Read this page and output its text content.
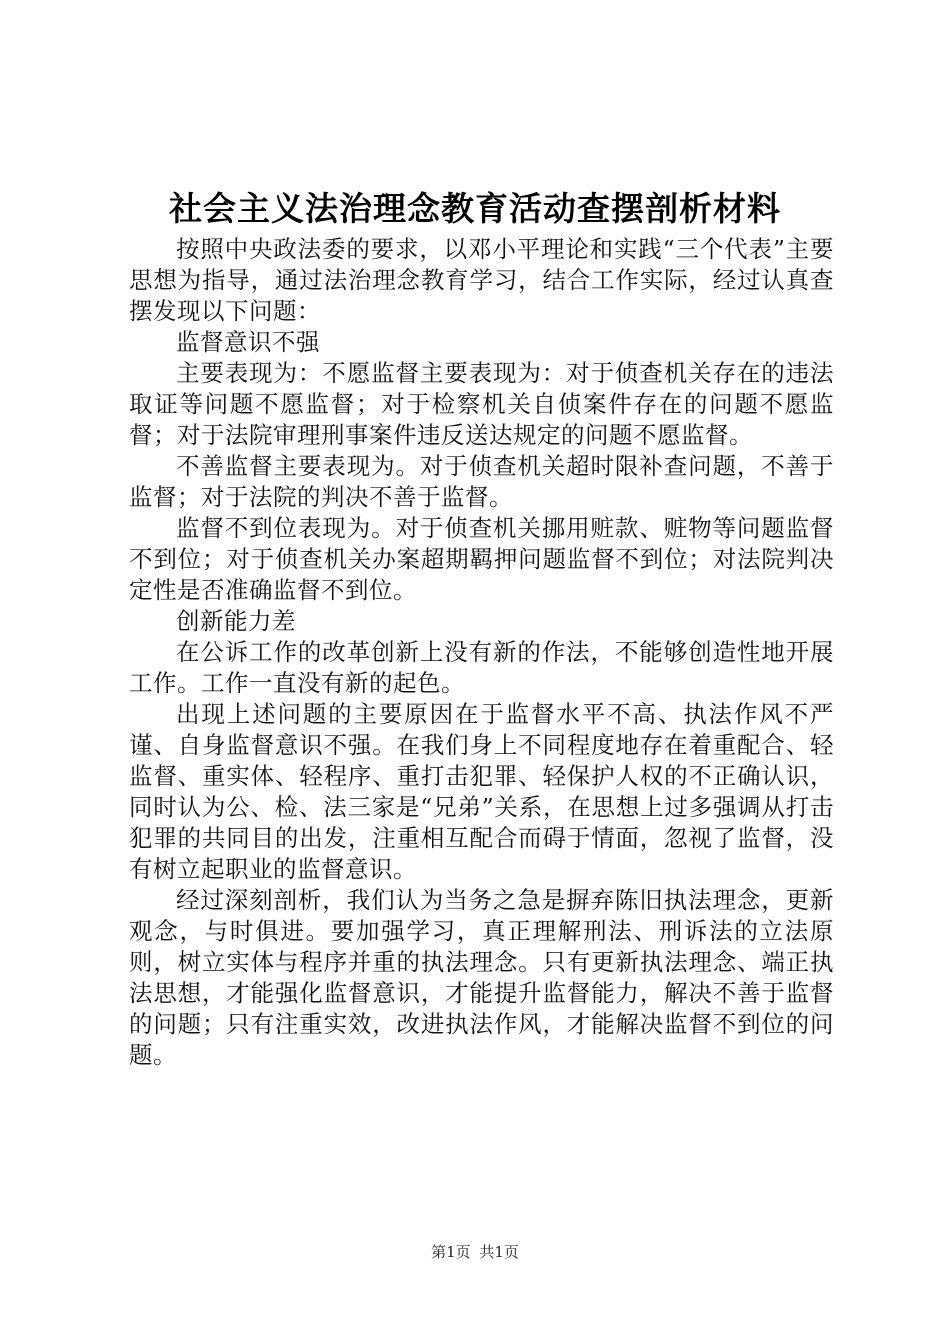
社会主义法治理念教育活动查摆剖析材料

按照中央政法委的要求，以邓小平理论和实践“三个代表”主要思想为指导，通过法治理念教育学习，结合工作实际，经过认真查摆发现以下问题：

监督意识不强

主要表现为：不愿监督主要表现为：对于侦查机关存在的违法取证等问题不愿监督；对于检察机关自侦案件存在的问题不愿监督；对于法院审理刑事案件违反送达规定的问题不愿监督。

不善监督主要表现为。对于侦查机关超时限补查问题，不善于监督；对于法院的判决不善于监督。

监督不到位表现为。对于侦查机关挪用赃款、赃物等问题监督不到位；对于侦查机关办案超期羁押问题监督不到位；对法院判决定性是否准确监督不到位。

创新能力差

在公诉工作的改革创新上没有新的作法，不能够创造性地开展工作。工作一直没有新的起色。

出现上述问题的主要原因在于监督水平不高、执法作风不严谨、自身监督意识不强。在我们身上不同程度地存在着重配合、轻监督、重实体、轻程序、重打击犯罪、轻保护人权的不正确认识，同时认为公、检、法三家是“兄弟”关系，在思想上过多强调从打击犯罪的共同目的出发，注重相互配合而碍于情面，忽视了监督，没有树立起职业的监督意识。

经过深刻剖析，我们认为当务之急是摒弃陈旧执法理念，更新观念，与时俱进。要加强学习，真正理解刑法、刑诉法的立法原则，树立实体与程序并重的执法理念。只有更新执法理念、端正执法思想，才能强化监督意识，才能提升监督能力，解决不善于监督的问题；只有注重实效，改进执法作风，才能解决监督不到位的问题。

第1页 共1页
